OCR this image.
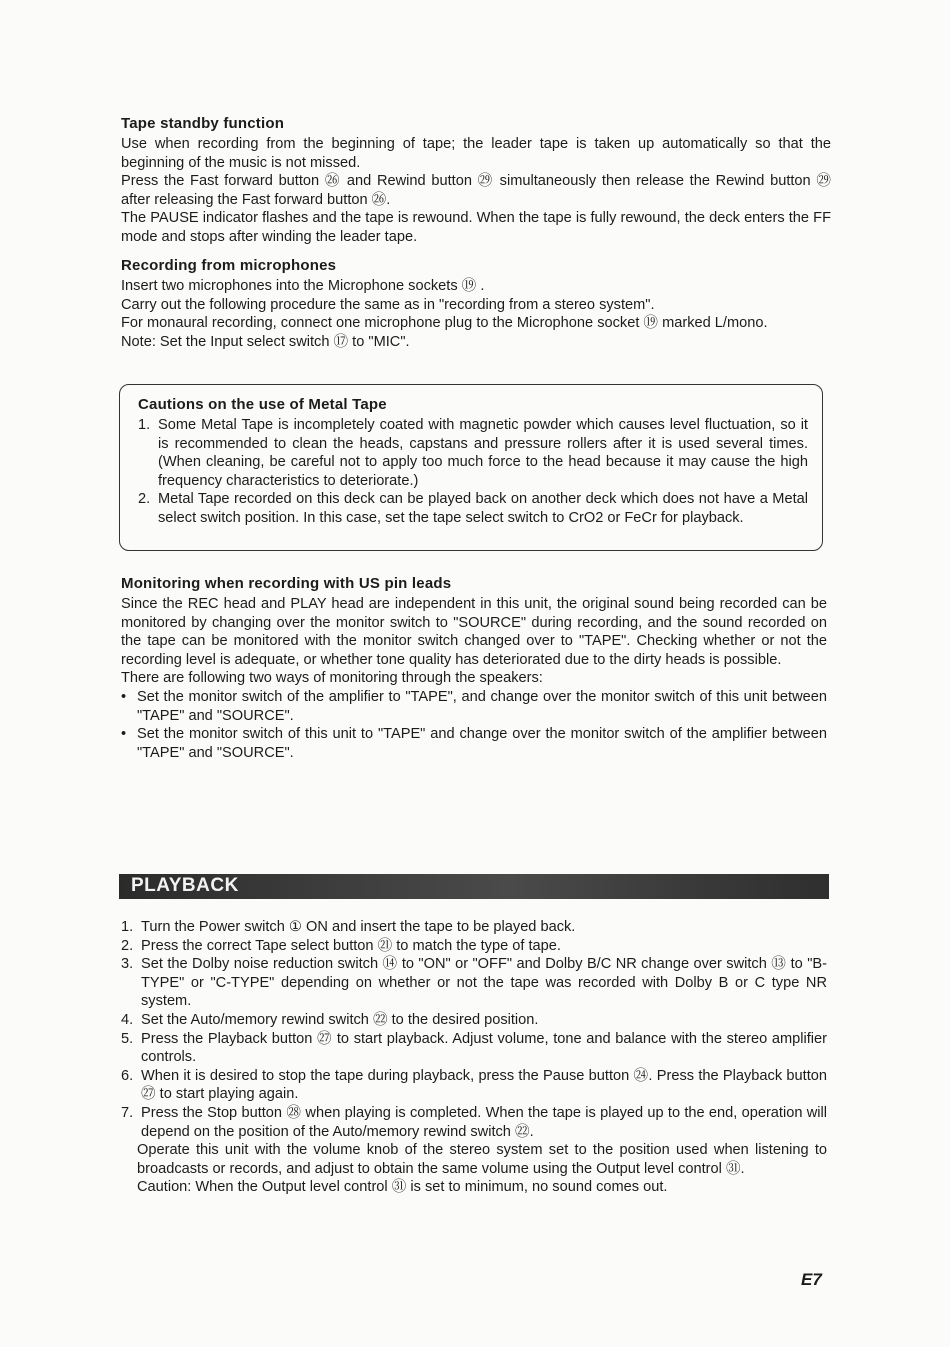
Tape standby function

Use when recording from the beginning of tape; the leader tape is taken up automatically so that the beginning of the music is not missed.

Press the Fast forward button ㉖ and Rewind button ㉙ simultaneously then release the Rewind button ㉙ after releasing the Fast forward button ㉖.

The PAUSE indicator flashes and the tape is rewound. When the tape is fully rewound, the deck enters the FF mode and stops after winding the leader tape.

Recording from microphones

Insert two microphones into the Microphone sockets ⑲ .

Carry out the following procedure the same as in "recording from a stereo system".

For monaural recording, connect one microphone plug to the Microphone socket ⑲ marked L/mono.

Note: Set the Input select switch ⑰ to "MIC".

Cautions on the use of Metal Tape
1. Some Metal Tape is incompletely coated with magnetic powder which causes level fluctuation, so it is recommended to clean the heads, capstans and pressure rollers after it is used several times. (When cleaning, be careful not to apply too much force to the head because it may cause the high frequency characteristics to deteriorate.)
2. Metal Tape recorded on this deck can be played back on another deck which does not have a Metal select switch position. In this case, set the tape select switch to CrO2 or FeCr for playback.
Monitoring when recording with US pin leads

Since the REC head and PLAY head are independent in this unit, the original sound being recorded can be monitored by changing over the monitor switch to "SOURCE" during recording, and the sound recorded on the tape can be monitored with the monitor switch changed over to "TAPE". Checking whether or not the recording level is adequate, or whether tone quality has deteriorated due to the dirty heads is possible.

There are following two ways of monitoring through the speakers:

• Set the monitor switch of the amplifier to "TAPE", and change over the monitor switch of this unit between "TAPE" and "SOURCE".
• Set the monitor switch of this unit to "TAPE" and change over the monitor switch of the amplifier between "TAPE" and "SOURCE".
PLAYBACK
1. Turn the Power switch ① ON and insert the tape to be played back.
2. Press the correct Tape select button ㉑ to match the type of tape.
3. Set the Dolby noise reduction switch ⑭ to "ON" or "OFF" and Dolby B/C NR change over switch ⑬ to "B-TYPE" or "C-TYPE" depending on whether or not the tape was recorded with Dolby B or C type NR system.
4. Set the Auto/memory rewind switch ㉒ to the desired position.
5. Press the Playback button ㉗ to start playback. Adjust volume, tone and balance with the stereo amplifier controls.
6. When it is desired to stop the tape during playback, press the Pause button ㉔. Press the Playback button ㉗ to start playing again.
7. Press the Stop button ㉘ when playing is completed. When the tape is played up to the end, operation will depend on the position of the Auto/memory rewind switch ㉒.

Operate this unit with the volume knob of the stereo system set to the position used when listening to broadcasts or records, and adjust to obtain the same volume using the Output level control ㉛.

Caution: When the Output level control ㉛ is set to minimum, no sound comes out.

E7
